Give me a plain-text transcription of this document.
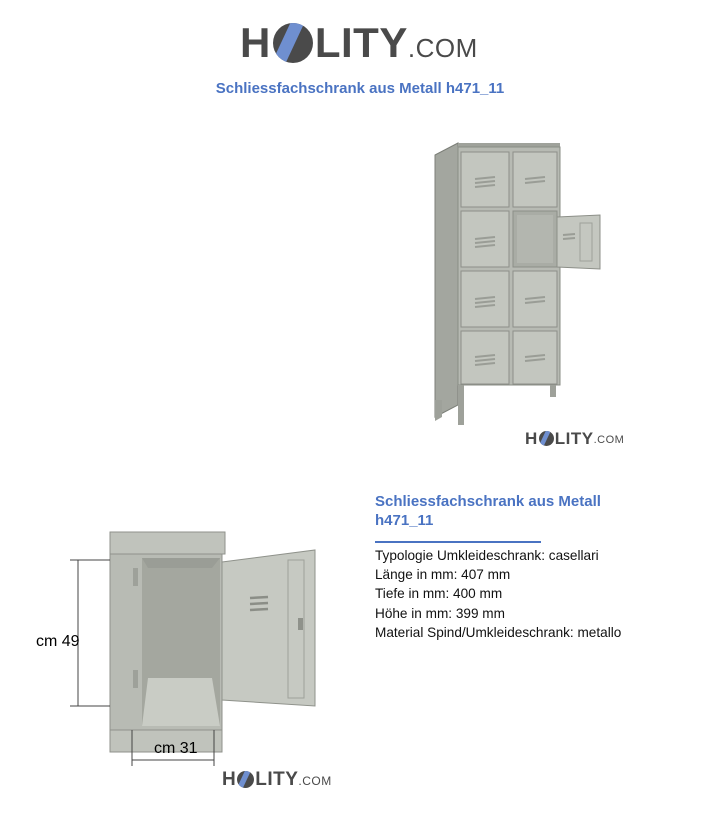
H LITY .COM
Schliessfachschrank aus Metall h471_11
H LITY .COM
Schliessfachschrank aus Metall h471_11
Typologie Umkleideschrank: casellari
Länge in mm: 407 mm
Tiefe in mm: 400 mm
Höhe in mm: 399 mm
Material Spind/Umkleideschrank: metallo
cm 49
cm 31
H LITY .COM
